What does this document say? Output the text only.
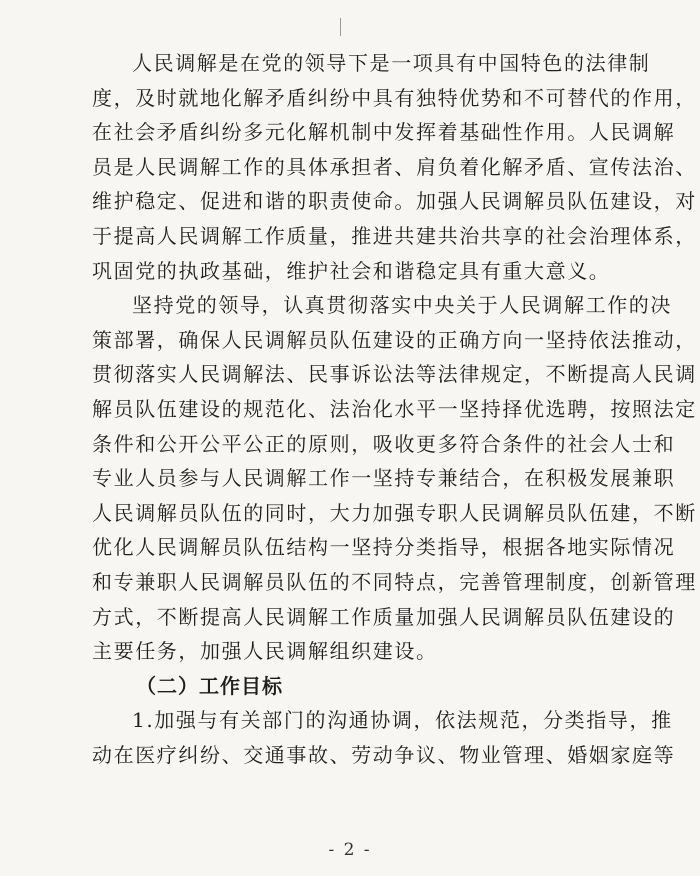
人民调解是在党的领导下是一项具有中国特色的法律制
度，及时就地化解矛盾纠纷中具有独特优势和不可替代的作用，
在社会矛盾纠纷多元化解机制中发挥着基础性作用。人民调解
员是人民调解工作的具体承担者、肩负着化解矛盾、宣传法治、
维护稳定、促进和谐的职责使命。加强人民调解员队伍建设，对
于提高人民调解工作质量，推进共建共治共享的社会治理体系，
巩固党的执政基础，维护社会和谐稳定具有重大意义。
坚持党的领导，认真贯彻落实中央关于人民调解工作的决
策部署，确保人民调解员队伍建设的正确方向一坚持依法推动，
贯彻落实人民调解法、民事诉讼法等法律规定，不断提高人民调
解员队伍建设的规范化、法治化水平一坚持择优选聘，按照法定
条件和公开公平公正的原则，吸收更多符合条件的社会人士和
专业人员参与人民调解工作一坚持专兼结合，在积极发展兼职
人民调解员队伍的同时，大力加强专职人民调解员队伍建，不断
优化人民调解员队伍结构一坚持分类指导，根据各地实际情况
和专兼职人民调解员队伍的不同特点，完善管理制度，创新管理
方式，不断提高人民调解工作质量加强人民调解员队伍建设的
主要任务，加强人民调解组织建设。
（二）工作目标
1.加强与有关部门的沟通协调，依法规范，分类指导，推
动在医疗纠纷、交通事故、劳动争议、物业管理、婚姻家庭等
- 2 -
